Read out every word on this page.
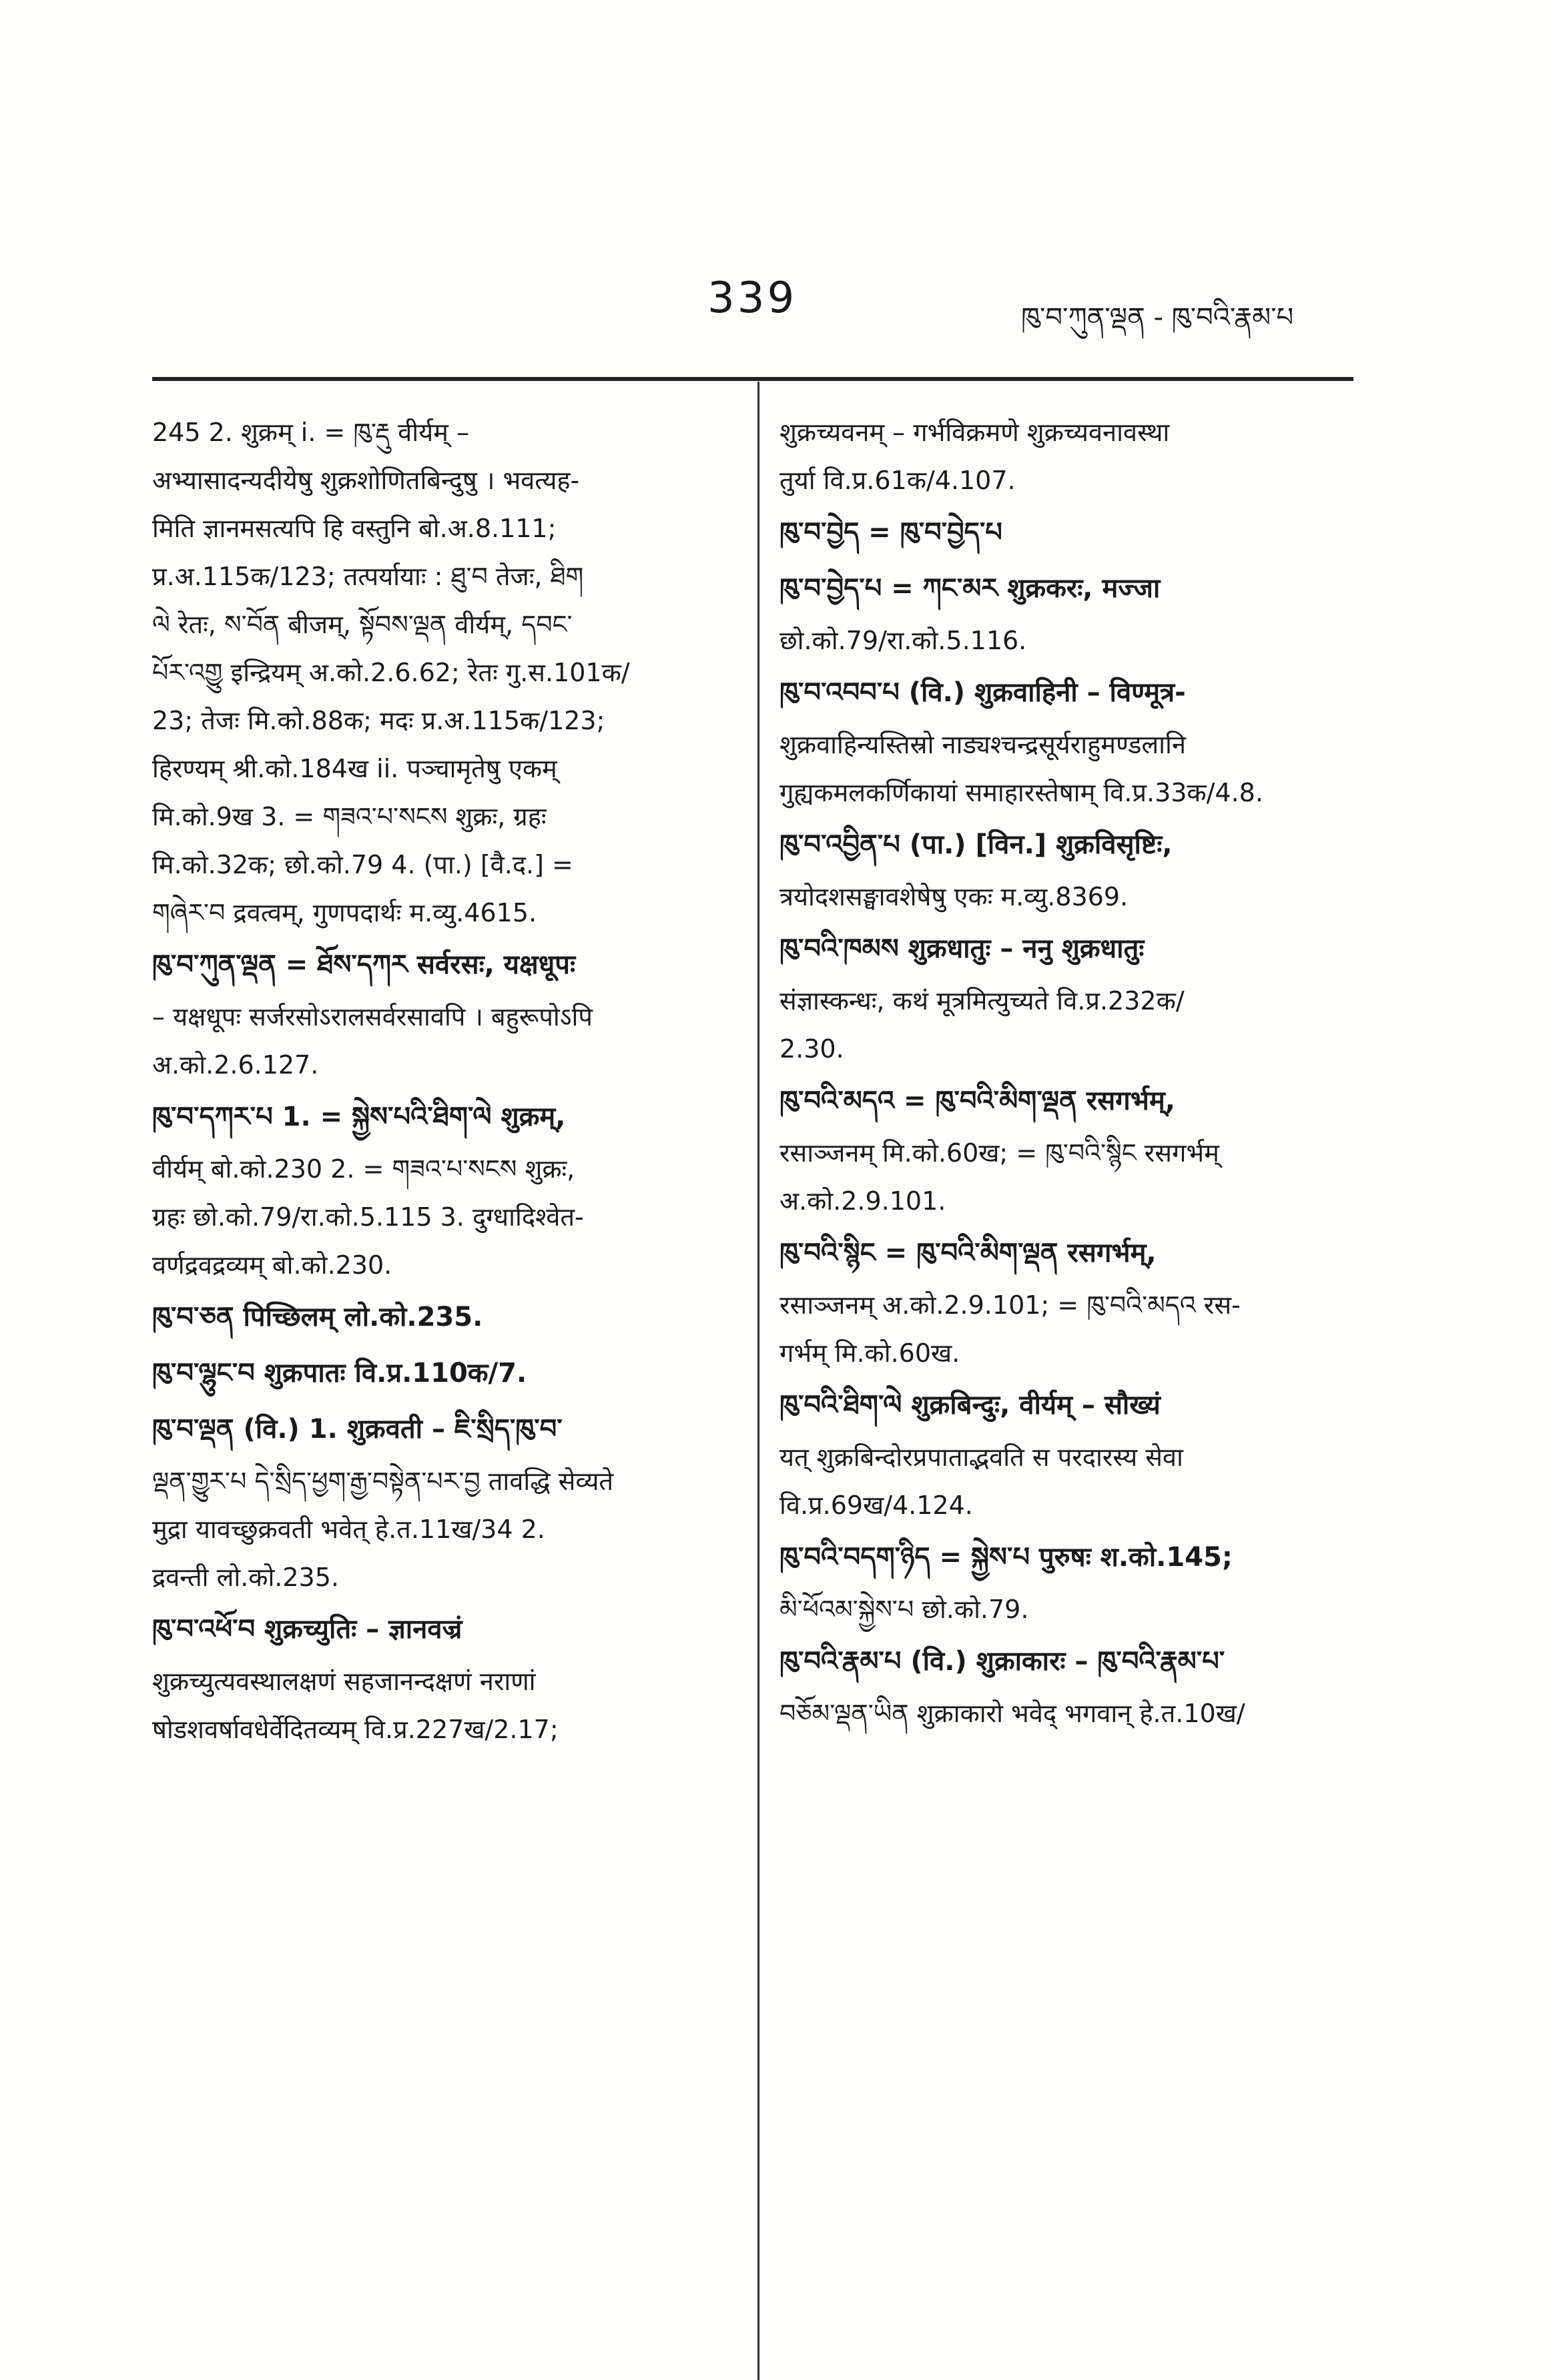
339	ཁུ་བ་ཀུན་ལྡན - ཁུ་བའི་རྣམ་པ
245 2. शुक्रम् i. = ཁུ་རྡུ वीर्यम् –
अभ्यासादन्यदीयेषु शुक्रशोणितबिन्दुषु । भवत्यह-
मिति ज्ञानमसत्यपि हि वस्तुनि बो.अ.8.111;
प्र.अ.115क/123; तत्पर्यायाः : ཐུ་བ तेजः, ཐིག
ལེ रेतः, ས་བོན बीजम्, སྟོབས་ལྡན वीर्यम्, དབང་
པོར་འགྱུ इन्द्रियम् अ.को.2.6.62; रेतः गु.स.101क/
23; तेजः मि.को.88क; मदः प्र.अ.115क/123;
हिरण्यम् श्री.को.184ख ii. पञ्चामृतेषु एकम्
मि.को.9ख 3. = གཟའ་པ་སངས शुक्रः, ग्रहः
मि.को.32क; छो.को.79 4. (पा.) [वै.द.] =
གཞེར་བ द्रवत्वम्, गुणपदार्थः म.व्यु.4615.
ཁུ་བ་ཀུན་ལྡན = ཐོས་དཀར सर्वरसः, यक्षधूपः
– यक्षधूपः सर्जरसोऽरालसर्वरसावपि । बहुरूपोऽपि
अ.को.2.6.127.
ཁུ་བ་དཀར་པ 1. = སྐྱེས་པའི་ཐིག་ལེ शुक्रम्,
वीर्यम् बो.को.230 2. = གཟའ་པ་སངས शुक्रः,
ग्रहः छो.को.79/रा.को.5.115 3. दुग्धादिश्वेत-
वर्णद्रवद्रव्यम् बो.को.230.
ཁུ་བ་ཅན पिच्छिलम् लो.को.235.
ཁུ་བ་ལྷུང་བ शुक्रपातः वि.प्र.110क/7.
ཁུ་བ་ལྡན (वि.) 1. शुक्रवती – ཇི་སྲིད་ཁུ་བ་
ལྡན་གྱུར་པ དེ་སྲིད་ཕྱག་རྒྱ་བསྟེན་པར་བྱ तावद्धि सेव्यते
मुद्रा यावच्छुक्रवती भवेत् हे.त.11ख/34 2.
द्रवन्ती लो.को.235.
ཁུ་བ་འཕོ་བ शुक्रच्युतिः – ज्ञानवज्रं
शुक्रच्युत्यवस्थालक्षणं सहजानन्दक्षणं नराणां
षोडशवर्षावधेर्वेदितव्यम् वि.प्र.227ख/2.17;
शुक्रच्यवनम् – गर्भविक्रमणे शुक्रच्यवनावस्था
तुर्या वि.प्र.61क/4.107.
ཁུ་བ་བྱེད = ཁུ་བ་བྱེད་པ
ཁུ་བ་བྱེད་པ = ཀང་མར शुक्रकरः, मज्जा
छो.को.79/रा.को.5.116.
ཁུ་བ་འབབ་པ (वि.) शुक्रवाहिनी – विण्मूत्र-
शुक्रवाहिन्यस्तिस्रो नाड्यश्चन्द्रसूर्यराहुमण्डलानि
गुह्यकमलकर्णिकायां समाहारस्तेषाम् वि.प्र.33क/4.8.
ཁུ་བ་འབྱིན་པ (पा.) [विन.] शुक्रविसृष्टिः,
त्रयोदशसङ्घावशेषेषु एकः म.व्यु.8369.
ཁུ་བའི་ཁམས शुक्रधातुः – ननु शुक्रधातुः
संज्ञास्कन्धः, कथं मूत्रमित्युच्यते वि.प्र.232क/
2.30.
ཁུ་བའི་མདའ = ཁུ་བའི་མིག་ལྡན रसगर्भम्,
रसाञ्जनम् मि.को.60ख; = ཁུ་བའི་སྙིང रसगर्भम्
अ.को.2.9.101.
ཁུ་བའི་སྙིང = ཁུ་བའི་མིག་ལྡན रसगर्भम्,
रसाञ्जनम् अ.को.2.9.101; = ཁུ་བའི་མདའ रस-
गर्भम् मि.को.60ख.
ཁུ་བའི་ཐིག་ལེ शुक्रबिन्दुः, वीर्यम् – सौख्यं
यत् शुक्रबिन्दोरप्रपाताद्भवति स परदारस्य सेवा
वि.प्र.69ख/4.124.
ཁུ་བའི་བདག་ཉིད = སྐྱེས་པ पुरुषः श.को.145;
མི་ཕོའམ་སྐྱེས་པ छो.को.79.
ཁུ་བའི་རྣམ་པ (वि.) शुक्राकारः – ཁུ་བའི་རྣམ་པ་
བཅོམ་ལྡན་ཡིན शुक्राकारो भवेद् भगवान् हे.त.10ख/
